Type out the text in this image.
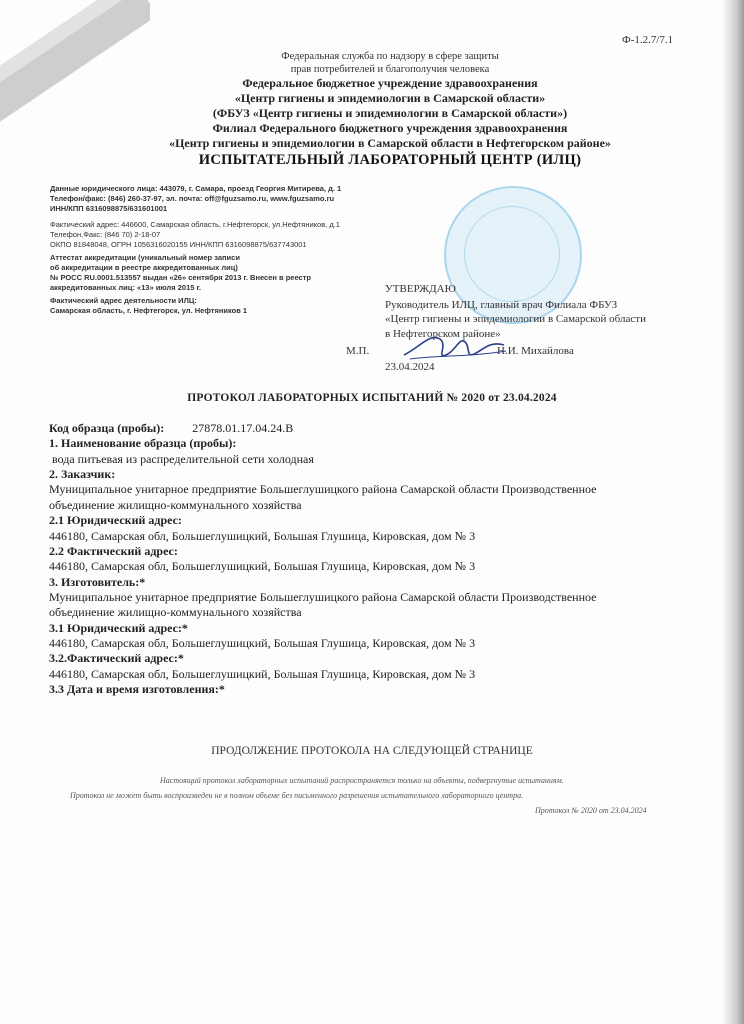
Ф-1.2.7/7.1
Федеральная служба по надзору в сфере защиты
прав потребителей и благополучия человека
Федеральное бюджетное учреждение здравоохранения
«Центр гигиены и эпидемиологии в Самарской области»
(ФБУЗ «Центр гигиены и эпидемиологии в Самарской области»)
Филиал Федерального бюджетного учреждения здравоохранения
«Центр гигиены и эпидемиологии в Самарской области в Нефтегорском районе»
ИСПЫТАТЕЛЬНЫЙ ЛАБОРАТОРНЫЙ ЦЕНТР (ИЛЦ)
Данные юридического лица: 443079, г. Самара, проезд Георгия Митирева, д. 1
Телефон/факс: (846) 260-37-97, эл. почта: off@fguzsamo.ru, www.fguzsamo.ru
ИНН/КПП 6316098875/631601001
Фактический адрес: 446600, Самарская область, г.Нефтегорск, ул.Нефтяников, д.1
Телефон,Факс: (846 70) 2-18-07
ОКПО 81848048, ОГРН 1056316020155 ИНН/КПП 6316098875/637743001
Аттестат аккредитации (уникальный номер записи
об аккредитации в реестре аккредитованных лиц)
№ РОСС RU.0001.513557 выдан «26» сентября 2013 г. Внесен в реестр
аккредитованных лиц: «13» июля 2015 г.
Фактический адрес деятельности ИЛЦ:
Самарская область, г. Нефтегорск, ул. Нефтяников 1
УТВЕРЖДАЮ
Руководитель ИЛЦ, главный врач Филиала ФБУЗ
«Центр гигиены и эпидемиологии в Самарской области
в Нефтегорском районе»
М.П.	Н.И. Михайлова
23.04.2024
ПРОТОКОЛ ЛАБОРАТОРНЫХ ИСПЫТАНИЙ № 2020 от 23.04.2024
Код образца (пробы): 27878.01.17.04.24.В
1. Наименование образца (пробы):
вода питьевая из распределительной сети холодная
2. Заказчик:
Муниципальное унитарное предприятие Большеглушицкого района Самарской области Производственное
объединение жилищно-коммунального хозяйства
2.1 Юридический адрес:
446180, Самарская обл, Большеглушицкий, Большая Глушица, Кировская, дом № 3
2.2 Фактический адрес:
446180, Самарская обл, Большеглушицкий, Большая Глушица, Кировская, дом № 3
3. Изготовитель:*
Муниципальное унитарное предприятие Большеглушицкого района Самарской области Производственное
объединение жилищно-коммунального хозяйства
3.1 Юридический адрес:*
446180, Самарская обл, Большеглушицкий, Большая Глушица, Кировская, дом № 3
3.2.Фактический адрес:*
446180, Самарская обл, Большеглушицкий, Большая Глушица, Кировская, дом № 3
3.3 Дата и время изготовления:*
ПРОДОЛЖЕНИЕ ПРОТОКОЛА НА СЛЕДУЮЩЕЙ СТРАНИЦЕ
Настоящий протокол лабораторных испытаний распространяется только на объекты, подвергнутые испытаниям.
Протокол не может быть воспроизведен не в полном объеме без письменного разрешения испытательного лабораторного центра.
Протокол № 2020 от 23.04.2024
